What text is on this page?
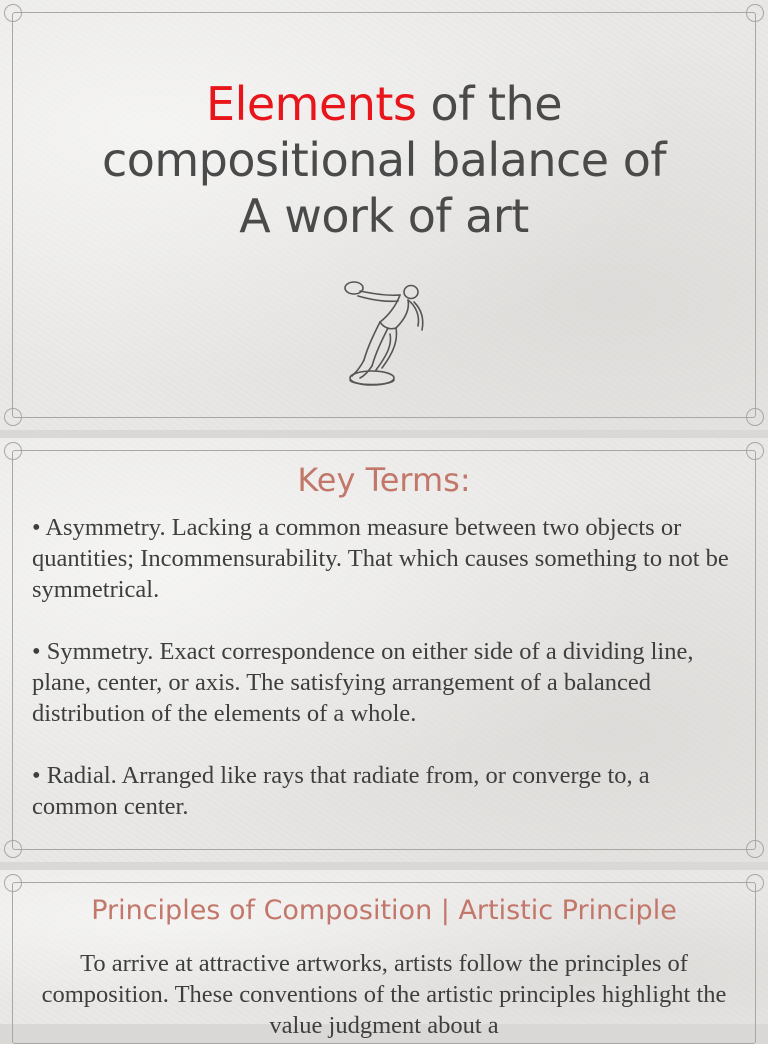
Elements of the
compositional balance of
A work of art
Key Terms:

• Asymmetry. Lacking a common measure between two objects or quantities; Incommensurability. That which causes something to not be symmetrical.

• Symmetry. Exact correspondence on either side of a dividing line, plane, center, or axis. The satisfying arrangement of a balanced distribution of the elements of a whole.

• Radial. Arranged like rays that radiate from, or converge to, a common center.

Principles of Composition | Artistic Principle
To arrive at attractive artworks, artists follow the principles of composition. These conventions of the artistic principles highlight the value judgment about a
